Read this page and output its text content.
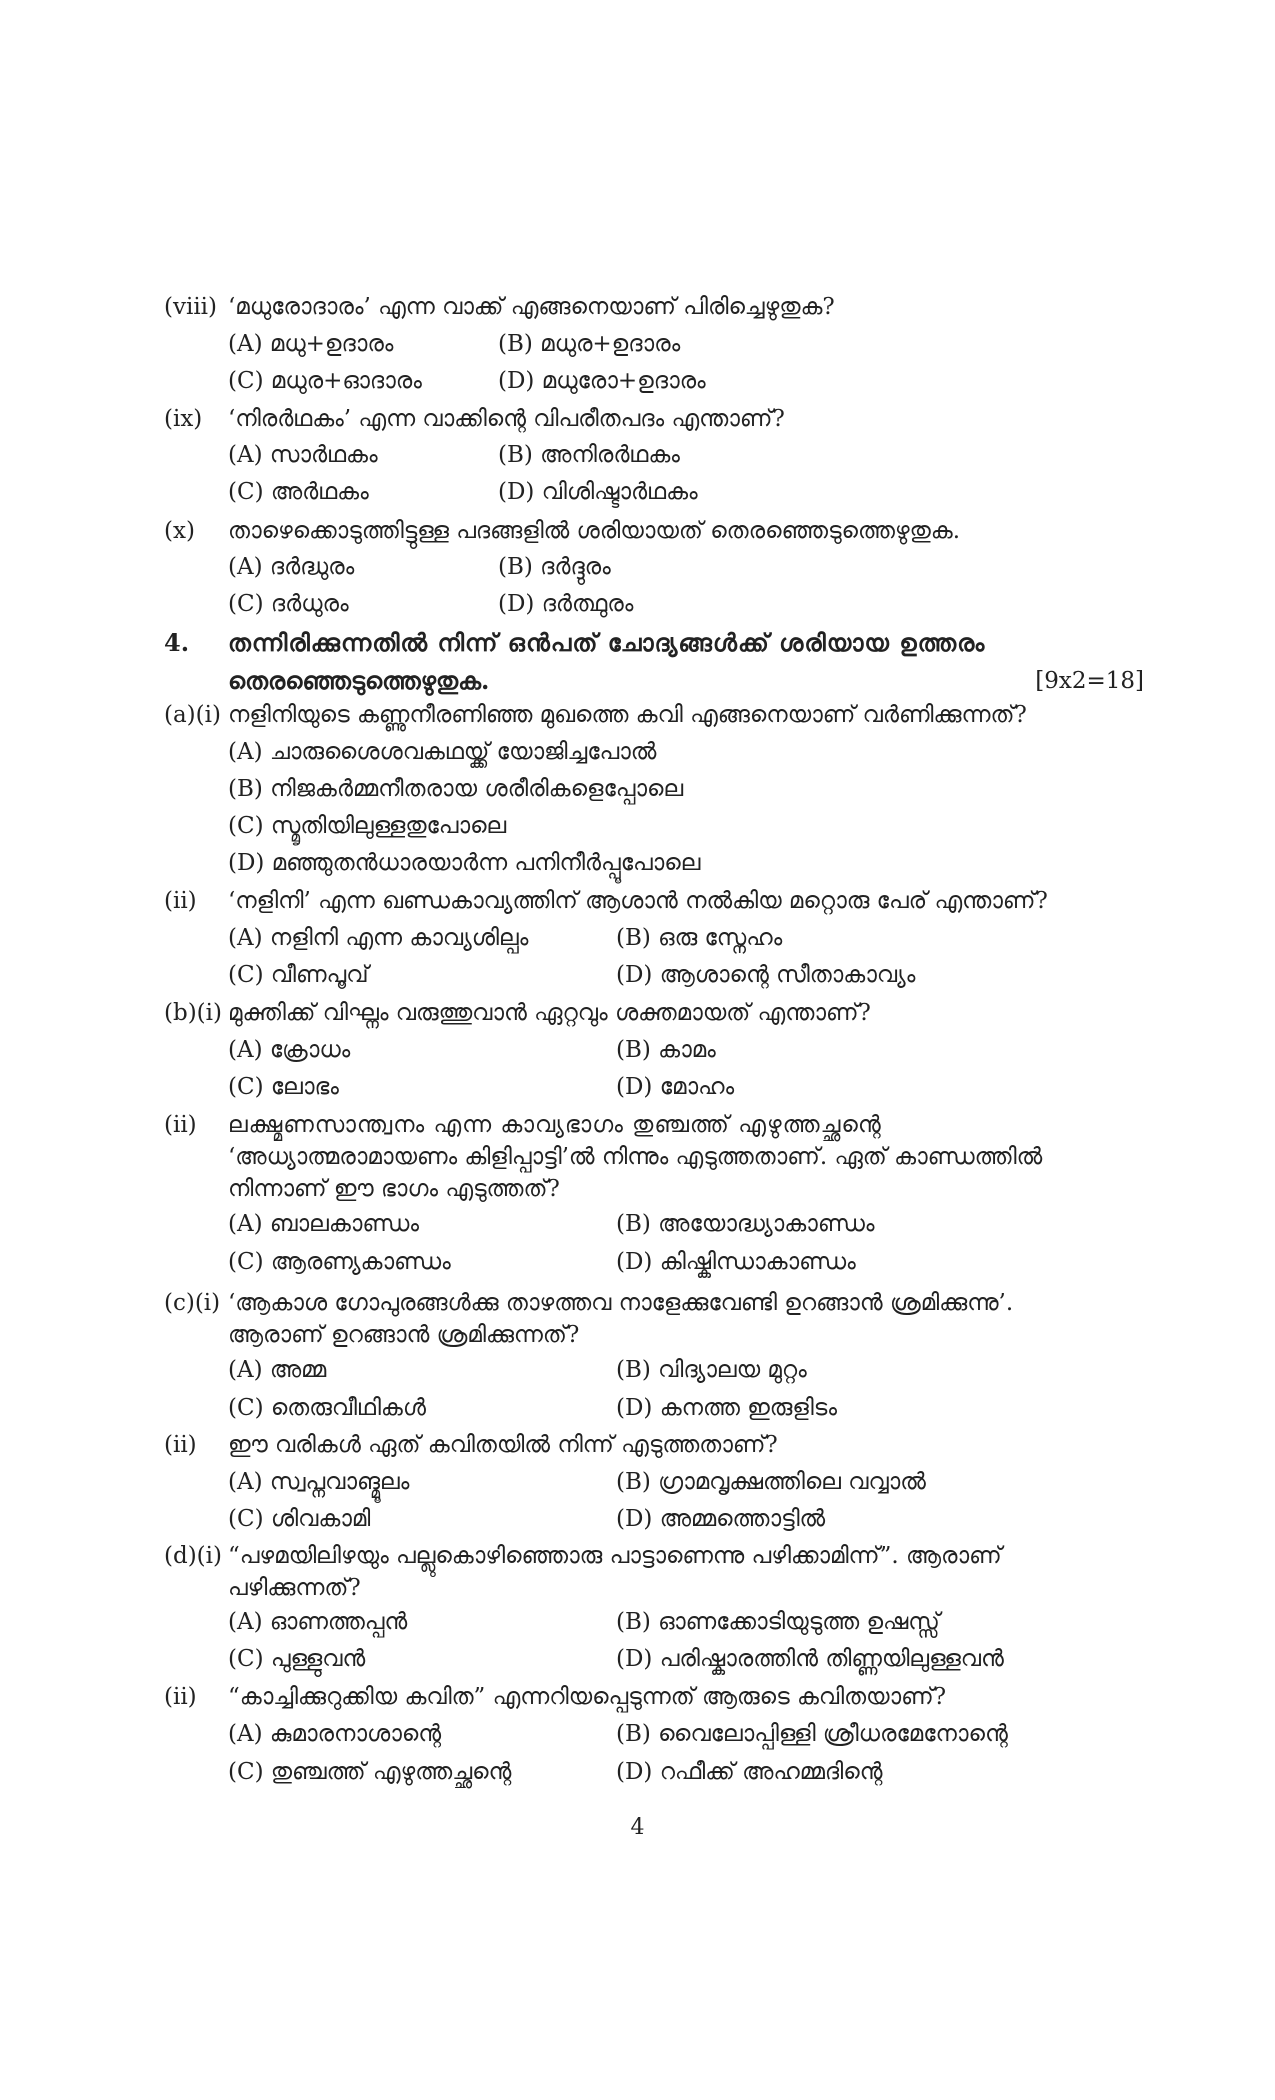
(viii) ‘മധുരോദാരം’ എന്ന വാക്ക് എങ്ങനെയാണ് പിരിച്ചെഴുതുക?
(A) മധു+ഉദാരം	(B) മധുര+ഉദാരം
(C) മധുര+ഓദാരം	(D) മധുരോ+ഉദാരം
(ix) ‘നിരർഥകം’ എന്ന വാക്കിന്റെ വിപരീതപദം എന്താണ്?
(A) സാർഥകം	(B) അനിരർഥകം
(C) അർഥകം	(D) വിശിഷ്ടാർഥകം
(x) താഴെക്കൊടുത്തിട്ടുള്ള പദങ്ങളിൽ ശരിയായത് തെരഞ്ഞെടുത്തെഴുതുക.
(A) ദർദ്ധുരം	(B) ദർദ്ദുരം
(C) ദർധുരം	(D) ദർത്ഥുരം
4. തന്നിരിക്കുന്നതിൽ നിന്ന് ഒൻപത് ചോദ്യങ്ങൾക്ക് ശരിയായ ഉത്തരം
തെരഞ്ഞെടുത്തെഴുതുക.	[9x2=18]
(a)(i) നളിനിയുടെ കണ്ണുനീരണിഞ്ഞ മുഖത്തെ കവി എങ്ങനെയാണ് വർണിക്കുന്നത്?
(A) ചാരുശൈശവകഥയ്ക്ക് യോജിച്ചപോൽ
(B) നിജകർമ്മനീതരായ ശരീരികളെപ്പോലെ
(C) സ്മൃതിയിലുള്ളതുപോലെ
(D) മഞ്ഞുതൻധാരയാർന്ന പനിനീർപ്പൂപോലെ
(ii) ‘നളിനി’ എന്ന ഖണ്ഡകാവ്യത്തിന് ആശാൻ നൽകിയ മറ്റൊരു പേര് എന്താണ്?
(A) നളിനി എന്ന കാവ്യശില്പം	(B) ഒരു സ്നേഹം
(C) വീണപൂവ്	(D) ആശാന്റെ സീതാകാവ്യം
(b)(i) മുക്തിക്ക് വിഘ്നം വരുത്തുവാൻ ഏറ്റവും ശക്തമായത് എന്താണ്?
(A) ക്രോധം	(B) കാമം
(C) ലോഭം	(D) മോഹം
(ii) ലക്ഷ്മണസാന്ത്വനം എന്ന കാവ്യഭാഗം തുഞ്ചത്ത് എഴുത്തച്ഛന്റെ
‘അധ്യാത്മരാമായണം കിളിപ്പാട്ടി’ൽ നിന്നും എടുത്തതാണ്. ഏത് കാണ്ഡത്തിൽ
നിന്നാണ് ഈ ഭാഗം എടുത്തത്?
(A) ബാലകാണ്ഡം	(B) അയോദ്ധ്യാകാണ്ഡം
(C) ആരണ്യകാണ്ഡം	(D) കിഷ്കിന്ധാകാണ്ഡം
(c)(i) ‘ആകാശ ഗോപുരങ്ങൾക്കു താഴത്തവ നാളേക്കുവേണ്ടി ഉറങ്ങാൻ ശ്രമിക്കുന്നു’.
ആരാണ് ഉറങ്ങാൻ ശ്രമിക്കുന്നത്?
(A) അമ്മ	(B) വിദ്യാലയ മുറ്റം
(C) തെരുവീഥികൾ	(D) കനത്ത ഇരുളിടം
(ii) ഈ വരികൾ ഏത് കവിതയിൽ നിന്ന് എടുത്തതാണ്?
(A) സ്വപ്നവാങ്മൂലം	(B) ഗ്രാമവൃക്ഷത്തിലെ വവ്വാൽ
(C) ശിവകാമി	(D) അമ്മത്തൊട്ടിൽ
(d)(i) “പഴമയിലിഴയും പല്ലുകൊഴിഞ്ഞൊരു പാട്ടാണെന്നു പഴിക്കാമിന്ന്”. ആരാണ്
പഴിക്കുന്നത്?
(A) ഓണത്തപ്പൻ	(B) ഓണക്കോടിയുടുത്ത ഉഷസ്സ്
(C) പുള്ളുവൻ	(D) പരിഷ്കാരത്തിൻ തിണ്ണയിലുള്ളവൻ
(ii) “കാച്ചിക്കുറുക്കിയ കവിത” എന്നറിയപ്പെടുന്നത് ആരുടെ കവിതയാണ്?
(A) കുമാരനാശാന്റെ	(B) വൈലോപ്പിള്ളി ശ്രീധരമേനോന്റെ
(C) തുഞ്ചത്ത് എഴുത്തച്ഛന്റെ	(D) റഫീക്ക് അഹമ്മദിന്റെ
4
